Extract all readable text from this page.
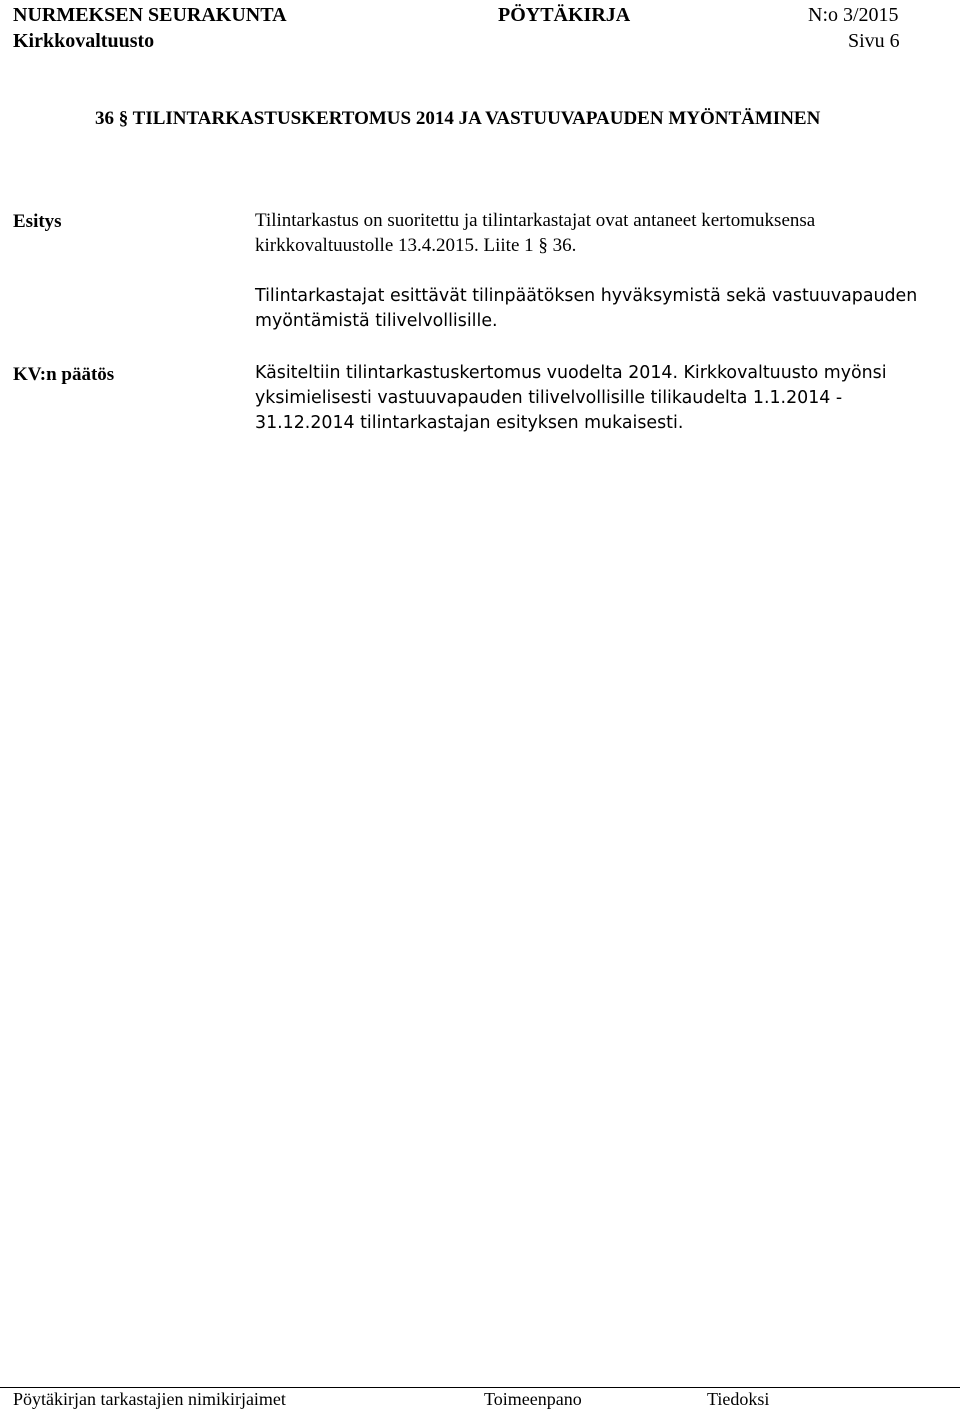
NURMEKSEN SEURAKUNTA	PÖYTÄKIRJA	N:o 3/2015
Kirkkovaltuusto	Sivu 6
36 § TILINTARKASTUSKERTOMUS 2014 JA VASTUUVAPAUDEN MYÖNTÄMINEN
Esitys	Tilintarkastus on suoritettu ja tilintarkastajat ovat antaneet kertomuksensa
kirkkovaltuustolle 13.4.2015. Liite 1 § 36.
Tilintarkastajat esittävät tilinpäätöksen hyväksymistä sekä vastuuvapauden
myöntämistä tilivelvollisille.
KV:n päätös	Käsiteltiin tilintarkastuskertomus vuodelta 2014. Kirkkovaltuusto myönsi
yksimielisesti vastuuvapauden tilivelvollisille tilikaudelta 1.1.2014 -
31.12.2014 tilintarkastajan esityksen mukaisesti.
Pöytäkirjan tarkastajien nimikirjaimet	Toimeenpano	Tiedoksi
